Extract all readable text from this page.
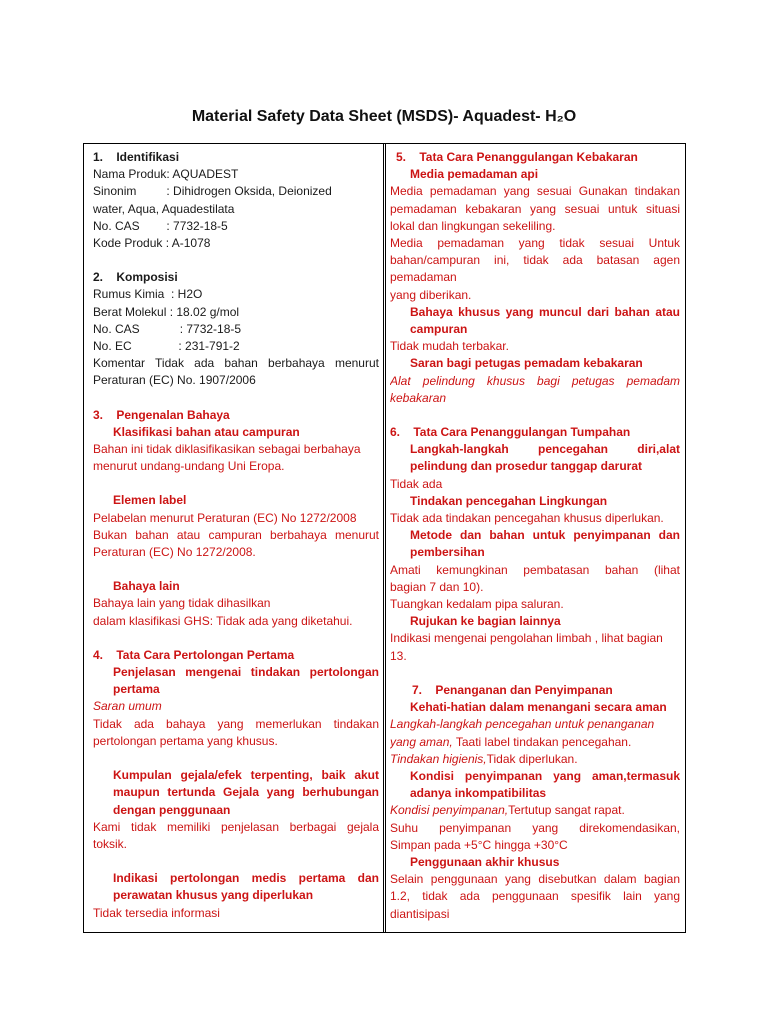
Material Safety Data Sheet (MSDS)- Aquadest- H₂O
1.    Identifikasi
Nama Produk: AQUADEST
Sinonim         : Dihidrogen Oksida, Deionized
water, Aqua, Aquadestilata
No. CAS        : 7732-18-5
Kode Produk : A-1078
2.    Komposisi
Rumus Kimia  : H2O
Berat Molekul : 18.02 g/mol
No. CAS            : 7732-18-5
No. EC              : 231-791-2
Komentar Tidak ada bahan berbahaya menurut
Peraturan (EC) No. 1907/2006
3.    Pengenalan Bahaya
Klasifikasi bahan atau campuran
Bahan ini tidak diklasifikasikan sebagai berbahaya
menurut undang-undang Uni Eropa.
Elemen label
Pelabelan menurut Peraturan (EC) No 1272/2008
Bukan bahan atau campuran berbahaya menurut
Peraturan (EC) No 1272/2008.
Bahaya lain
Bahaya lain yang tidak dihasilkan
dalam klasifikasi GHS: Tidak ada yang diketahui.
4.    Tata Cara Pertolongan Pertama
Penjelasan mengenai tindakan pertolongan
pertama
Saran umum
Tidak ada bahaya yang memerlukan tindakan
pertolongan pertama yang khusus.
Kumpulan gejala/efek terpenting, baik akut
maupun tertunda Gejala yang berhubungan
dengan penggunaan
Kami tidak memiliki penjelasan berbagai gejala
toksik.
Indikasi pertolongan medis pertama dan
perawatan khusus yang diperlukan
Tidak tersedia informasi
5.    Tata Cara Penanggulangan Kebakaran
Media pemadaman api
Media pemadaman yang sesuai Gunakan tindakan
pemadaman kebakaran yang sesuai untuk situasi
lokal dan lingkungan sekeliling.
Media pemadaman yang tidak sesuai Untuk
bahan/campuran ini, tidak ada batasan agen
pemadaman
yang diberikan.
Bahaya khusus yang muncul dari bahan atau
campuran
Tidak mudah terbakar.
Saran bagi petugas pemadam kebakaran
Alat pelindung khusus bagi petugas pemadam
kebakaran
6.    Tata Cara Penanggulangan Tumpahan
Langkah-langkah pencegahan diri,alat
pelindung dan prosedur tanggap darurat
Tidak ada
Tindakan pencegahan Lingkungan
Tidak ada tindakan pencegahan khusus diperlukan.
Metode dan bahan untuk penyimpanan dan
pembersihan
Amati kemungkinan pembatasan bahan (lihat
bagian 7 dan 10).
Tuangkan kedalam pipa saluran.
Rujukan ke bagian lainnya
Indikasi mengenai pengolahan limbah , lihat bagian
13.
7.    Penanganan dan Penyimpanan
Kehati-hatian dalam menangani secara aman
Langkah-langkah pencegahan untuk penanganan
yang aman, Taati label tindakan pencegahan.
Tindakan higienis,Tidak diperlukan.
Kondisi penyimpanan yang aman,termasuk
adanya inkompatibilitas
Kondisi penyimpanan,Tertutup sangat rapat.
Suhu penyimpanan yang direkomendasikan,
Simpan pada +5°C hingga +30°C
Penggunaan akhir khusus
Selain penggunaan yang disebutkan dalam bagian
1.2, tidak ada penggunaan spesifik lain yang
diantisipasi
